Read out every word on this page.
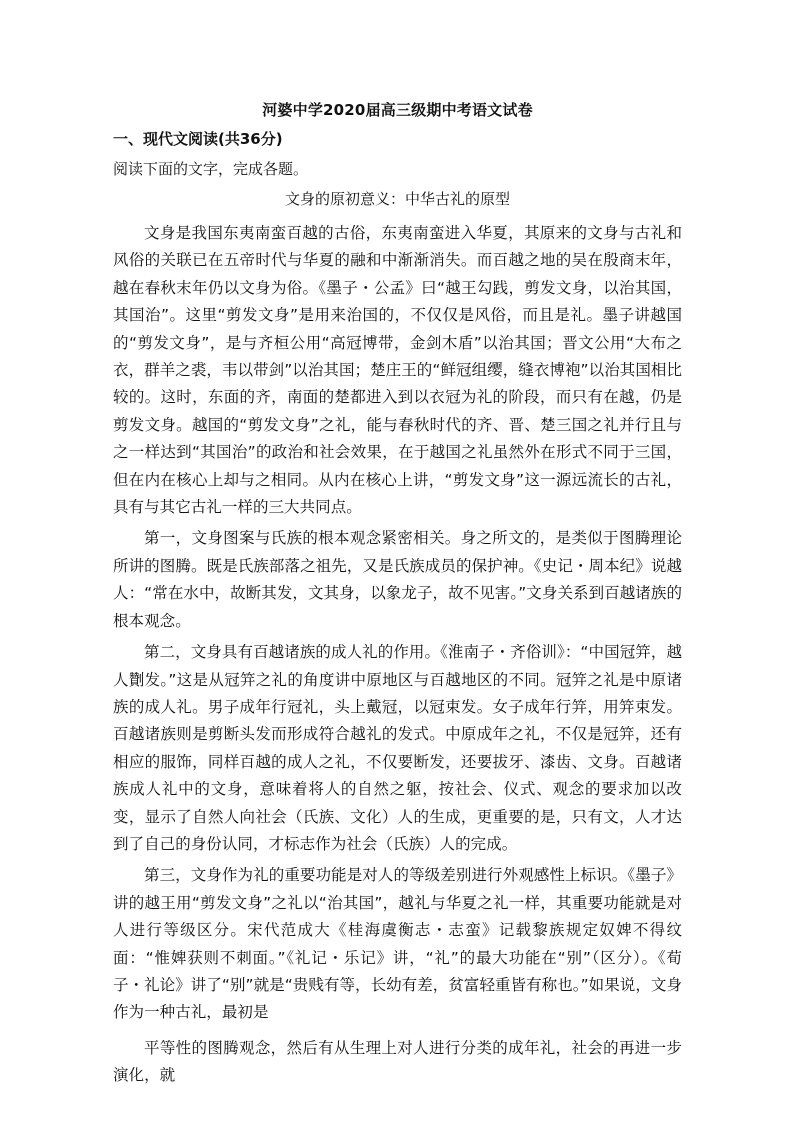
河婆中学2020届高三级期中考语文试卷
一、现代文阅读(共36分)
阅读下面的文字，完成各题。
文身的原初意义：中华古礼的原型

文身是我国东夷南蛮百越的古俗，东夷南蛮进入华夏，其原来的文身与古礼和风俗的关联已在五帝时代与华夏的融和中渐渐消失。而百越之地的吴在殷商末年，越在春秋末年仍以文身为俗。《墨子・公孟》曰“越王勾践，剪发文身，以治其国，其国治”。这里“剪发文身”是用来治国的，不仅仅是风俗，而且是礼。墨子讲越国的“剪发文身”，是与齐桓公用“高冠博带，金剑木盾”以治其国；晋文公用“大布之衣，群羊之裘，韦以带剑”以治其国；楚庄王的“鲜冠组缨，缝衣博袍”以治其国相比较的。这时，东面的齐，南面的楚都进入到以衣冠为礼的阶段，而只有在越，仍是剪发文身。越国的“剪发文身”之礼，能与春秋时代的齐、晋、楚三国之礼并行且与之一样达到“其国治”的政治和社会效果，在于越国之礼虽然外在形式不同于三国，但在内在核心上却与之相同。从内在核心上讲，“剪发文身”这一源远流长的古礼，具有与其它古礼一样的三大共同点。

第一，文身图案与氏族的根本观念紧密相关。身之所文的，是类似于图腾理论所讲的图腾。既是氏族部落之祖先，又是氏族成员的保护神。《史记・周本纪》说越人：“常在水中，故断其发，文其身，以象龙子，故不见害。”文身关系到百越诸族的根本观念。

第二，文身具有百越诸族的成人礼的作用。《淮南子・齐俗训》：“中国冠笄，越人劗发。”这是从冠笄之礼的角度讲中原地区与百越地区的不同。冠笄之礼是中原诸族的成人礼。男子成年行冠礼，头上戴冠，以冠束发。女子成年行笄，用笄束发。百越诸族则是剪断头发而形成符合越礼的发式。中原成年之礼，不仅是冠笄，还有相应的服饰，同样百越的成人之礼，不仅要断发，还要拔牙、漆齿、文身。百越诸族成人礼中的文身，意味着将人的自然之躯，按社会、仪式、观念的要求加以改变，显示了自然人向社会（氏族、文化）人的生成，更重要的是，只有文，人才达到了自己的身份认同，才标志作为社会（氏族）人的完成。

第三，文身作为礼的重要功能是对人的等级差别进行外观感性上标识。《墨子》讲的越王用“剪发文身”之礼以“治其国”，越礼与华夏之礼一样，其重要功能就是对人进行等级区分。宋代范成大《桂海虞衡志・志蛮》记载黎族规定奴婢不得纹面：“惟婢获则不刺面。”《礼记・乐记》讲，“礼”的最大功能在“别”（区分）。《荀子・礼论》讲了“别”就是“贵贱有等，长幼有差，贫富轻重皆有称也。”如果说，文身作为一种古礼，最初是

平等性的图腾观念，然后有从生理上对人进行分类的成年礼，社会的再进一步演化，就
